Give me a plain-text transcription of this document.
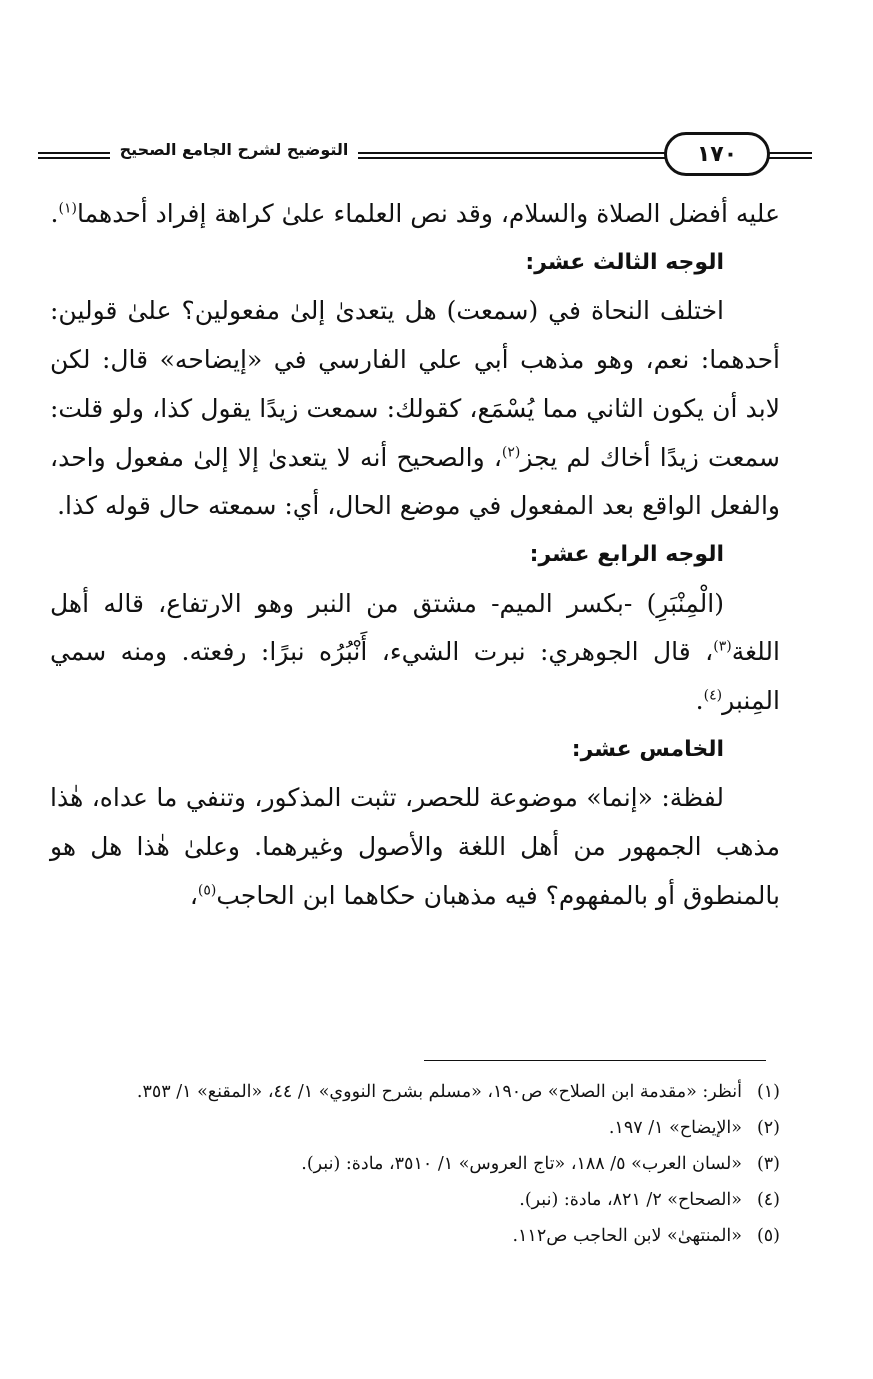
التوضيح لشرح الجامع الصحيح	١٧٠

عليه أفضل الصلاة والسلام، وقد نص العلماء علىٰ كراهة إفراد أحدهما$^{(١)}$.

الوجه الثالث عشر:

اختلف النحاة في (سمعت) هل يتعدىٰ إلىٰ مفعولين؟ علىٰ قولين: أحدهما: نعم، وهو مذهب أبي علي الفارسي في «إيضاحه» قال: لكن لابد أن يكون الثاني مما يُسْمَع، كقولك: سمعت زيدًا يقول كذا، ولو قلت: سمعت زيدًا أخاك لم يجز$^{(٢)}$، والصحيح أنه لا يتعدىٰ إلا إلىٰ مفعول واحد، والفعل الواقع بعد المفعول في موضع الحال، أي: سمعته حال قوله كذا.

الوجه الرابع عشر:

(الْمِنْبَرِ) -بكسر الميم- مشتق من النبر وهو الارتفاع، قاله أهل اللغة$^{(٣)}$، قال الجوهري: نبرت الشيء، أَنْبُرُه نبرًا: رفعته. ومنه سمي المِنبر$^{(٤)}$.

الخامس عشر:

لفظة: «إنما» موضوعة للحصر، تثبت المذكور، وتنفي ما عداه، هٰذا مذهب الجمهور من أهل اللغة والأصول وغيرهما. وعلىٰ هٰذا هل هو بالمنطوق أو بالمفهوم؟ فيه مذهبان حكاهما ابن الحاجب$^{(٥)}$،

(١)
أنظر: «مقدمة ابن الصلاح» ص١٩٠، «مسلم بشرح النووي» ١/ ٤٤، «المقنع» ١/ ٣٥٣.
(٢)
«الإيضاح» ١/ ١٩٧.
(٣)
«لسان العرب» ٥/ ١٨٨، «تاج العروس» ١/ ٣٥١٠، مادة: (نبر).
(٤)
«الصحاح» ٢/ ٨٢١، مادة: (نبر).
(٥)
«المنتهىٰ» لابن الحاجب ص١١٢.
